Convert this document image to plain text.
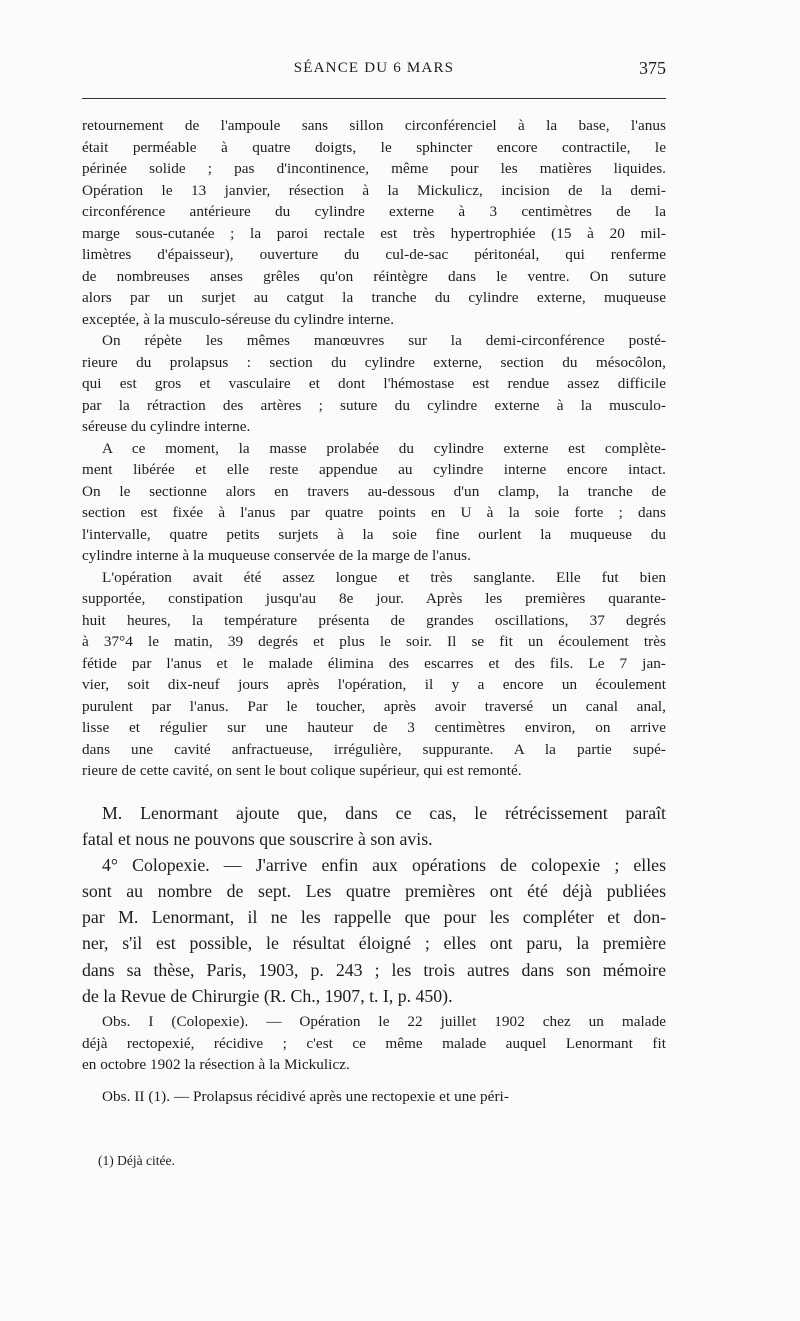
SÉANCE DU 6 MARS	375
retournement de l'ampoule sans sillon circonférenciel à la base, l'anus
était perméable à quatre doigts, le sphincter encore contractile, le
périnée solide ; pas d'incontinence, même pour les matières liquides.
Opération le 13 janvier, résection à la Mickulicz, incision de la demi-
circonférence antérieure du cylindre externe à 3 centimètres de la
marge sous-cutanée ; la paroi rectale est très hypertrophiée (15 à 20 mil-
limètres d'épaisseur), ouverture du cul-de-sac péritonéal, qui renferme
de nombreuses anses grêles qu'on réintègre dans le ventre. On suture
alors par un surjet au catgut la tranche du cylindre externe, muqueuse
exceptée, à la musculo-séreuse du cylindre interne.
On répète les mêmes manœuvres sur la demi-circonférence posté-
rieure du prolapsus : section du cylindre externe, section du mésocôlon,
qui est gros et vasculaire et dont l'hémostase est rendue assez difficile
par la rétraction des artères ; suture du cylindre externe à la musculo-
séreuse du cylindre interne.
A ce moment, la masse prolabée du cylindre externe est complète-
ment libérée et elle reste appendue au cylindre interne encore intact.
On le sectionne alors en travers au-dessous d'un clamp, la tranche de
section est fixée à l'anus par quatre points en U à la soie forte ; dans
l'intervalle, quatre petits surjets à la soie fine ourlent la muqueuse du
cylindre interne à la muqueuse conservée de la marge de l'anus.
L'opération avait été assez longue et très sanglante. Elle fut bien
supportée, constipation jusqu'au 8e jour. Après les premières quarante-
huit heures, la température présenta de grandes oscillations, 37 degrés
à 37°4 le matin, 39 degrés et plus le soir. Il se fit un écoulement très
fétide par l'anus et le malade élimina des escarres et des fils. Le 7 jan-
vier, soit dix-neuf jours après l'opération, il y a encore un écoulement
purulent par l'anus. Par le toucher, après avoir traversé un canal anal,
lisse et régulier sur une hauteur de 3 centimètres environ, on arrive
dans une cavité anfractueuse, irrégulière, suppurante. A la partie supé-
rieure de cette cavité, on sent le bout colique supérieur, qui est remonté.
M. Lenormant ajoute que, dans ce cas, le rétrécissement paraît
fatal et nous ne pouvons que souscrire à son avis.
4° Colopexie. — J'arrive enfin aux opérations de colopexie ; elles
sont au nombre de sept. Les quatre premières ont été déjà publiées
par M. Lenormant, il ne les rappelle que pour les compléter et don-
ner, s'il est possible, le résultat éloigné ; elles ont paru, la première
dans sa thèse, Paris, 1903, p. 243 ; les trois autres dans son mémoire
de la Revue de Chirurgie (R. Ch., 1907, t. I, p. 450).
Obs. I (Colopexie). — Opération le 22 juillet 1902 chez un malade
déjà rectopexié, récidive ; c'est ce même malade auquel Lenormant fit
en octobre 1902 la résection à la Mickulicz.
Obs. II (1). — Prolapsus récidivé après une rectopexie et une péri-
(1) Déjà citée.
